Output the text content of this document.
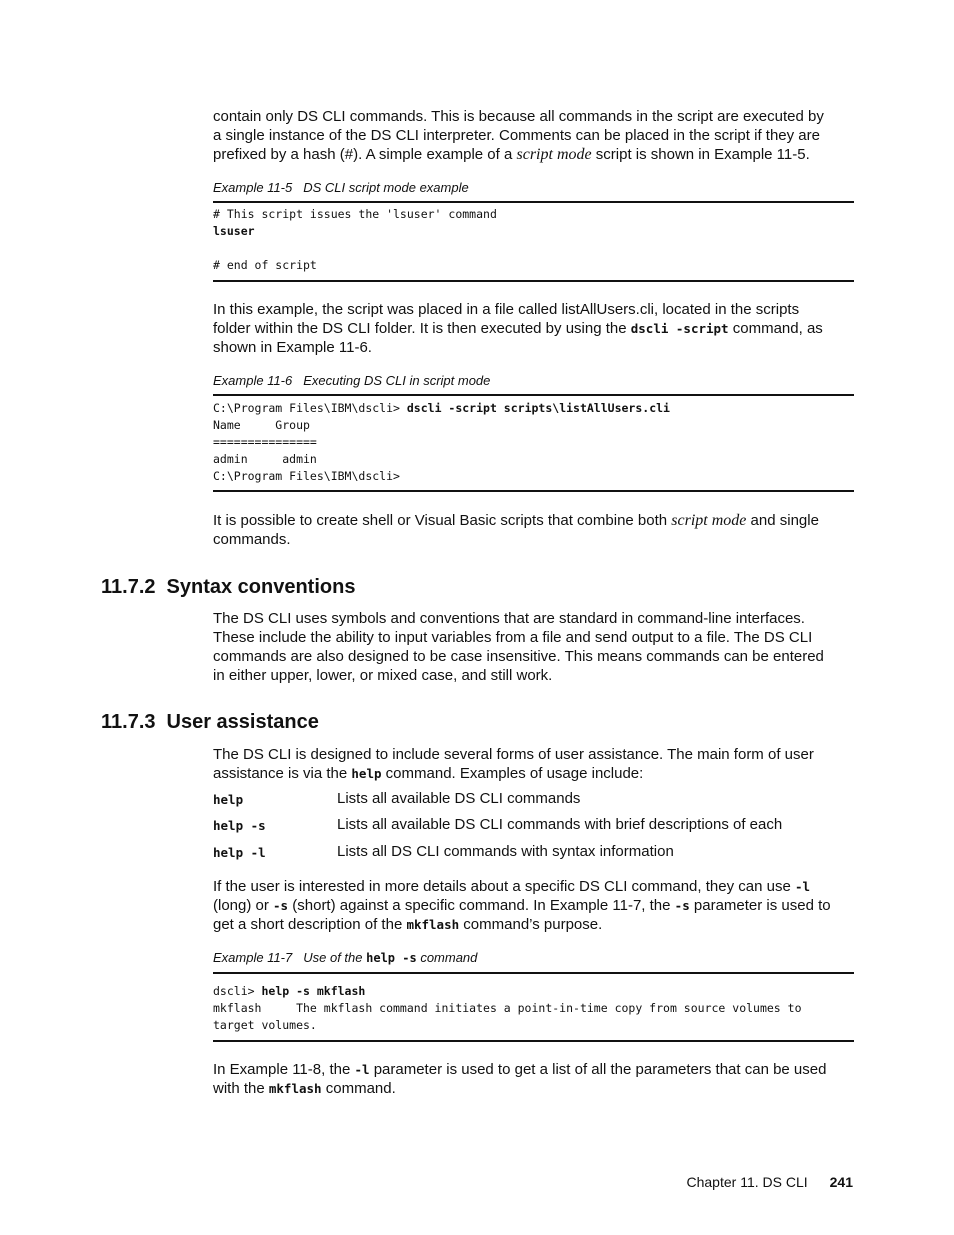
contain only DS CLI commands. This is because all commands in the script are executed by
a single instance of the DS CLI interpreter. Comments can be placed in the script if they are
prefixed by a hash (#). A simple example of a script mode script is shown in Example 11-5.
Example 11-5 DS CLI script mode example
# This script issues the 'lsuser' command
lsuser

# end of script
In this example, the script was placed in a file called listAllUsers.cli, located in the scripts
folder within the DS CLI folder. It is then executed by using the dscli -script command, as
shown in Example 11-6.
Example 11-6 Executing DS CLI in script mode
C:\Program Files\IBM\dscli> dscli -script scripts\listAllUsers.cli
Name     Group
===============
admin     admin
C:\Program Files\IBM\dscli>
It is possible to create shell or Visual Basic scripts that combine both script mode and single
commands.
11.7.2 Syntax conventions
The DS CLI uses symbols and conventions that are standard in command-line interfaces.
These include the ability to input variables from a file and send output to a file. The DS CLI
commands are also designed to be case insensitive. This means commands can be entered
in either upper, lower, or mixed case, and still work.
11.7.3 User assistance
The DS CLI is designed to include several forms of user assistance. The main form of user
assistance is via the help command. Examples of usage include:
help	Lists all available DS CLI commands
help -s	Lists all available DS CLI commands with brief descriptions of each
help -l	Lists all DS CLI commands with syntax information
If the user is interested in more details about a specific DS CLI command, they can use -l
(long) or -s (short) against a specific command. In Example 11-7, the -s parameter is used to
get a short description of the mkflash command’s purpose.
Example 11-7 Use of the help -s command
dscli> help -s mkflash
mkflash     The mkflash command initiates a point-in-time copy from source volumes to
target volumes.
In Example 11-8, the -l parameter is used to get a list of all the parameters that can be used
with the mkflash command.
Chapter 11. DS CLI 241
